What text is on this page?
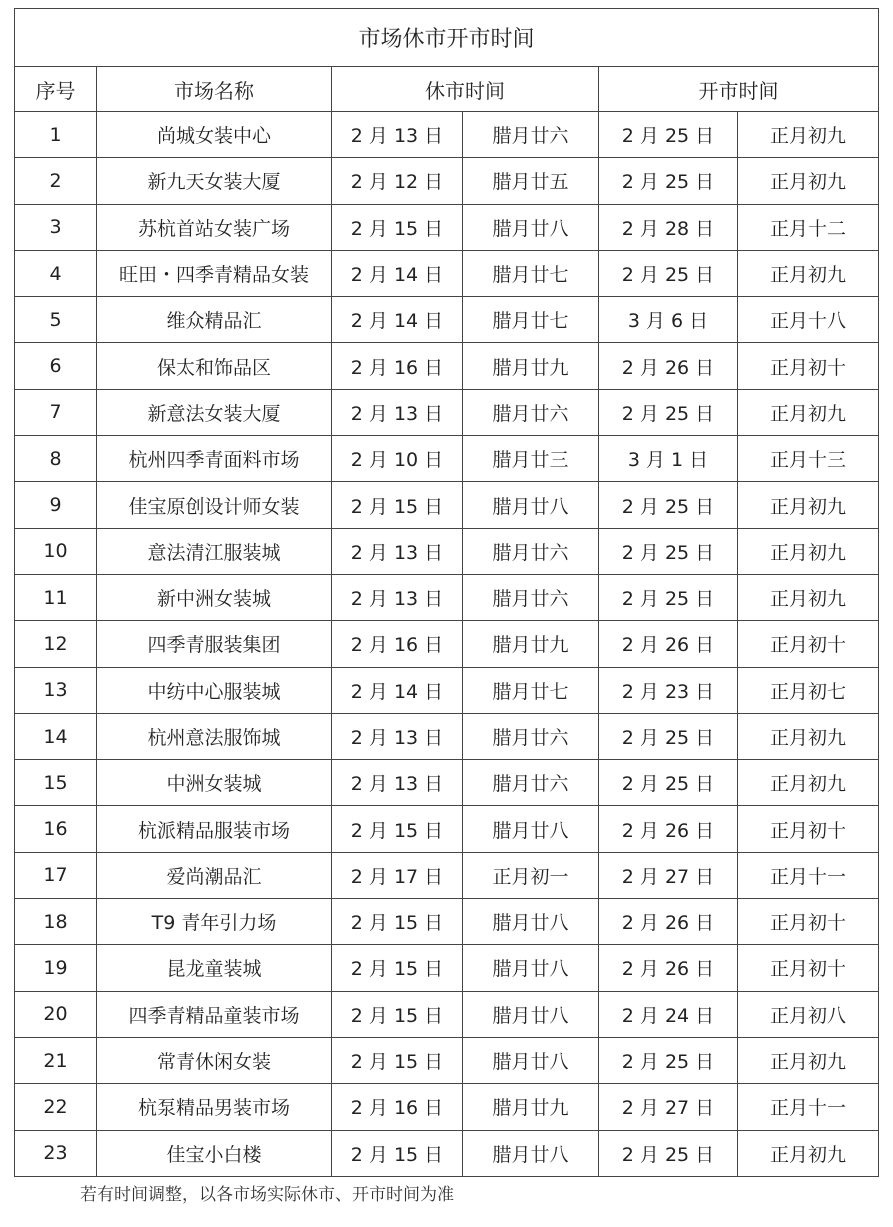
市场休市开市时间					
序号	市场名称	休市时间		开市时间	
1	尚城女装中心	2 月 13 日	腊月廿六	2 月 25 日	正月初九
2	新九天女装大厦	2 月 12 日	腊月廿五	2 月 25 日	正月初九
3	苏杭首站女装广场	2 月 15 日	腊月廿八	2 月 28 日	正月十二
4	旺田・四季青精品女装	2 月 14 日	腊月廿七	2 月 25 日	正月初九
5	维众精品汇	2 月 14 日	腊月廿七	3 月 6 日	正月十八
6	保太和饰品区	2 月 16 日	腊月廿九	2 月 26 日	正月初十
7	新意法女装大厦	2 月 13 日	腊月廿六	2 月 25 日	正月初九
8	杭州四季青面料市场	2 月 10 日	腊月廿三	3 月 1 日	正月十三
9	佳宝原创设计师女装	2 月 15 日	腊月廿八	2 月 25 日	正月初九
10	意法清江服装城	2 月 13 日	腊月廿六	2 月 25 日	正月初九
11	新中洲女装城	2 月 13 日	腊月廿六	2 月 25 日	正月初九
12	四季青服装集团	2 月 16 日	腊月廿九	2 月 26 日	正月初十
13	中纺中心服装城	2 月 14 日	腊月廿七	2 月 23 日	正月初七
14	杭州意法服饰城	2 月 13 日	腊月廿六	2 月 25 日	正月初九
15	中洲女装城	2 月 13 日	腊月廿六	2 月 25 日	正月初九
16	杭派精品服装市场	2 月 15 日	腊月廿八	2 月 26 日	正月初十
17	爱尚潮品汇	2 月 17 日	正月初一	2 月 27 日	正月十一
18	T9 青年引力场	2 月 15 日	腊月廿八	2 月 26 日	正月初十
19	昆龙童装城	2 月 15 日	腊月廿八	2 月 26 日	正月初十
20	四季青精品童装市场	2 月 15 日	腊月廿八	2 月 24 日	正月初八
21	常青休闲女装	2 月 15 日	腊月廿八	2 月 25 日	正月初九
22	杭泵精品男装市场	2 月 16 日	腊月廿九	2 月 27 日	正月十一
23	佳宝小白楼	2 月 15 日	腊月廿八	2 月 25 日	正月初九
若有时间调整，以各市场实际休市、开市时间为准
